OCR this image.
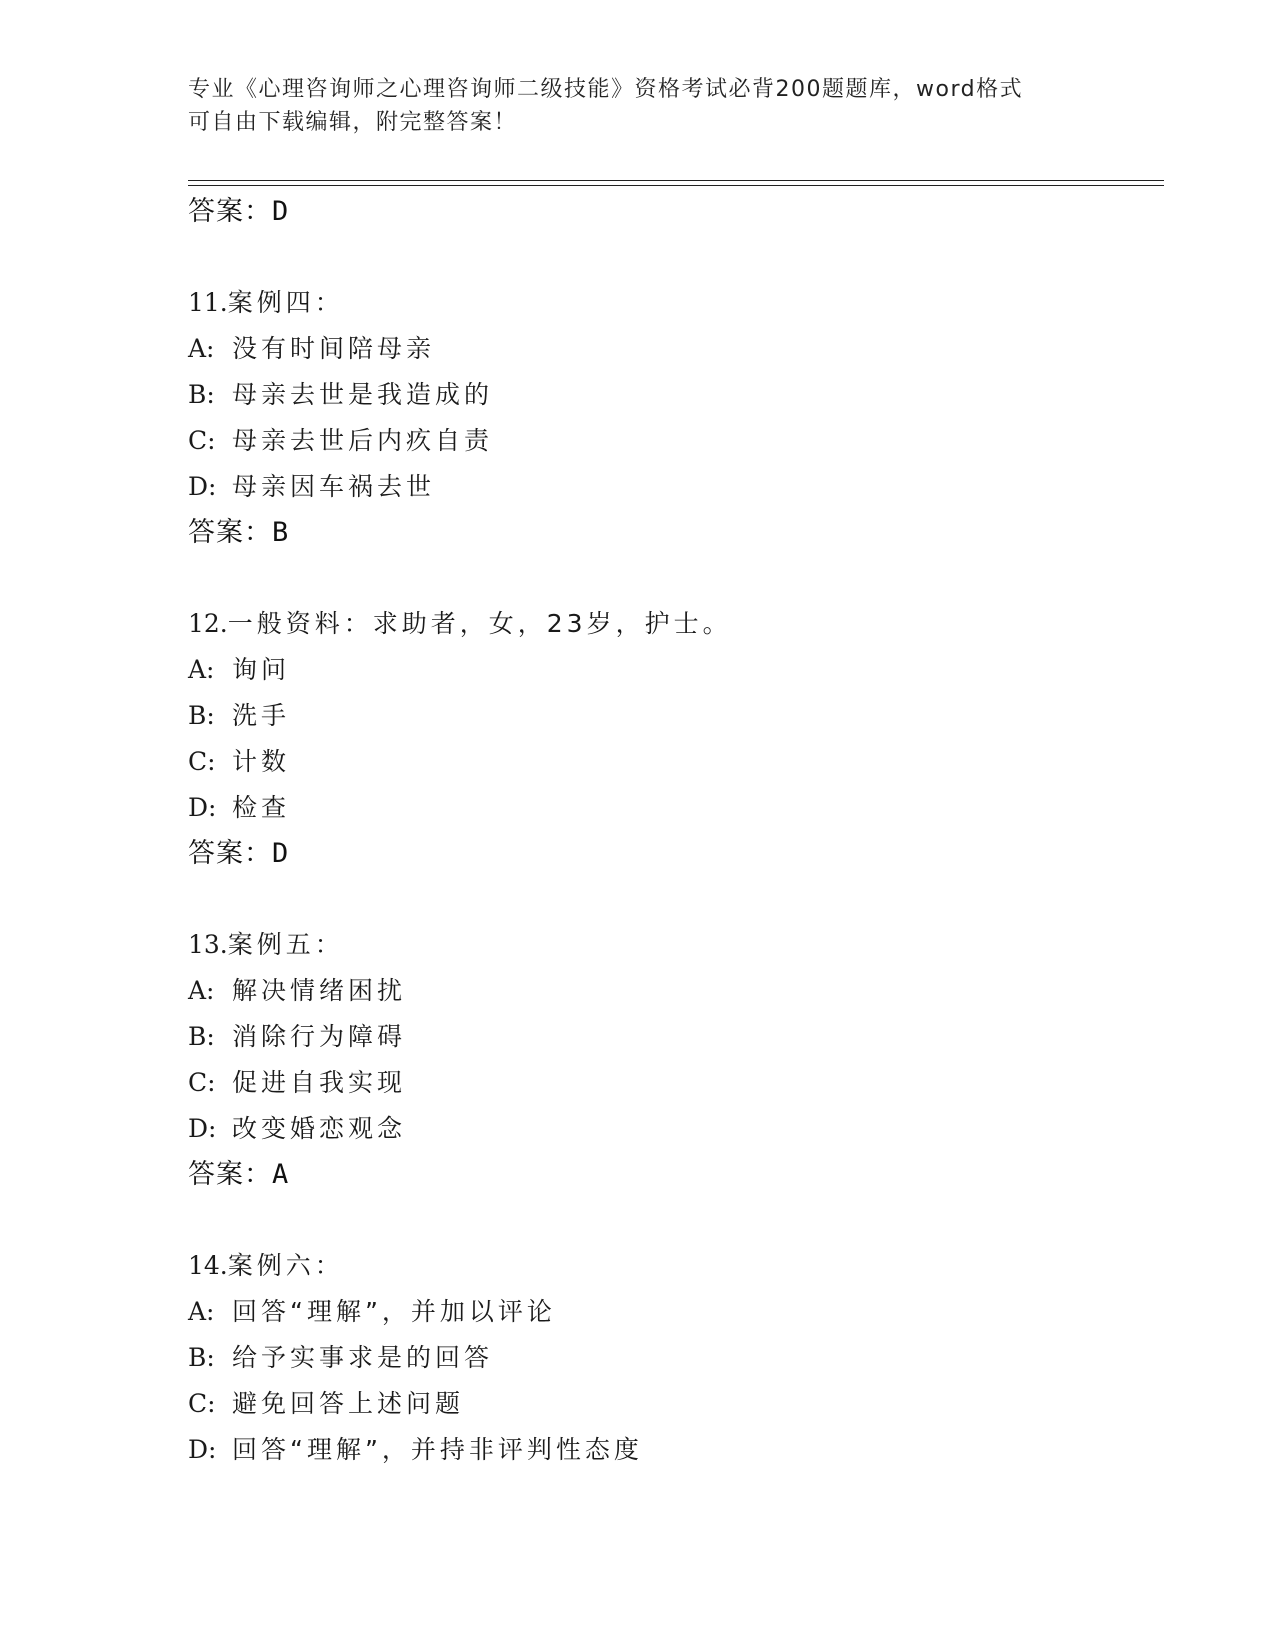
专业《心理咨询师之心理咨询师二级技能》资格考试必背200题题库，word格式
可自由下载编辑，附完整答案！
答案：D
11.案例四：
A: 没有时间陪母亲
B: 母亲去世是我造成的
C: 母亲去世后内疚自责
D: 母亲因车祸去世
答案：B
12.一般资料：求助者，女，23岁，护士。
A: 询问
B: 洗手
C: 计数
D: 检查
答案：D
13.案例五：
A: 解决情绪困扰
B: 消除行为障碍
C: 促进自我实现
D: 改变婚恋观念
答案：A
14.案例六：
A: 回答“理解”，并加以评论
B: 给予实事求是的回答
C: 避免回答上述问题
D: 回答“理解”，并持非评判性态度
